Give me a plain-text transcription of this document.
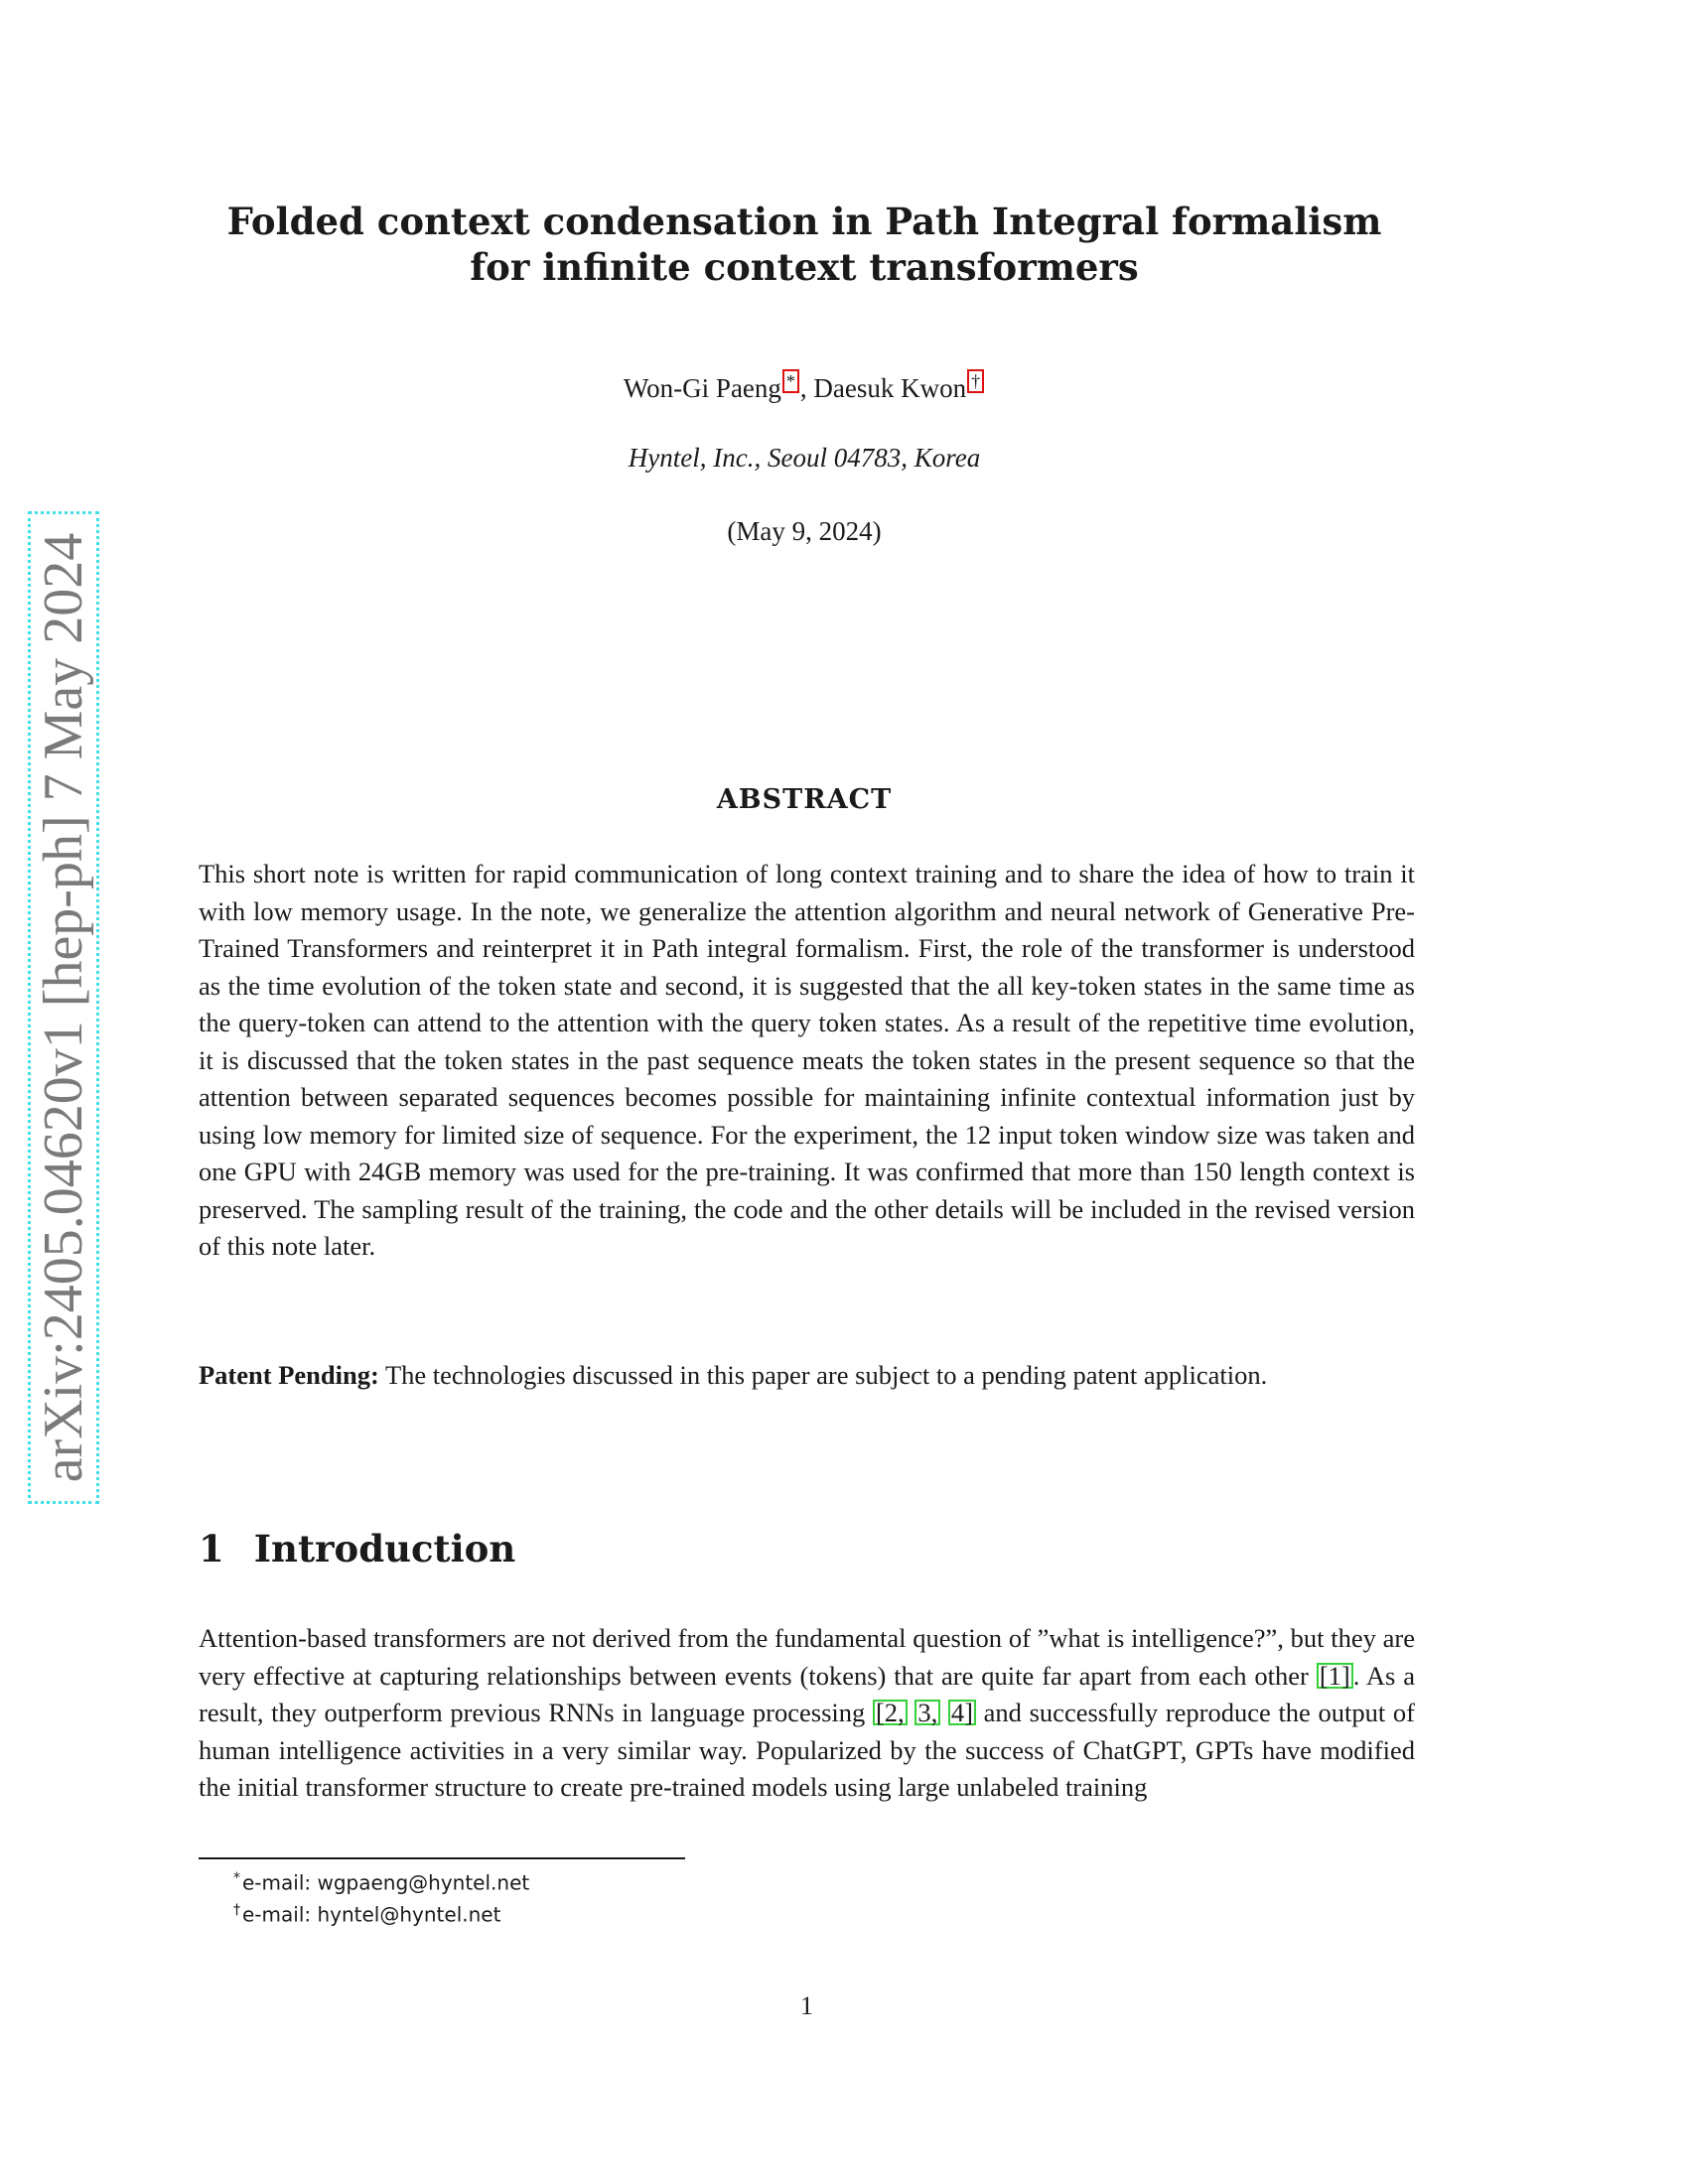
arXiv:2405.04620v1 [hep-ph] 7 May 2024
Folded context condensation in Path Integral formalism
for infinite context transformers
Won-Gi Paeng * , Daesuk Kwon †
Hyntel, Inc., Seoul 04783, Korea
(May 9, 2024)
ABSTRACT
This short note is written for rapid communication of long context training and to share the idea of how to train it with low memory usage. In the note, we generalize the attention algorithm and neural network of Generative Pre-Trained Transformers and reinterpret it in Path integral formalism. First, the role of the transformer is understood as the time evolution of the token state and second, it is suggested that the all key-token states in the same time as the query-token can attend to the attention with the query token states. As a result of the repetitive time evolution, it is discussed that the token states in the past sequence meats the token states in the present sequence so that the attention between separated sequences becomes possible for maintaining infinite contextual information just by using low memory for limited size of sequence. For the experiment, the 12 input token window size was taken and one GPU with 24GB memory was used for the pre-training. It was confirmed that more than 150 length context is preserved. The sampling result of the training, the code and the other details will be included in the revised version of this note later.
Patent Pending: The technologies discussed in this paper are subject to a pending patent application.
1 Introduction
Attention-based transformers are not derived from the fundamental question of ”what is intelligence?”, but they are very effective at capturing relationships between events (tokens) that are quite far apart from each other [1] . As a result, they outperform previous RNNs in language processing [2, 3, 4] and successfully reproduce the output of human intelligence activities in a very similar way. Popularized by the success of ChatGPT, GPTs have modified the initial transformer structure to create pre-trained models using large unlabeled training
* e-mail: wgpaeng@hyntel.net
† e-mail: hyntel@hyntel.net
1
